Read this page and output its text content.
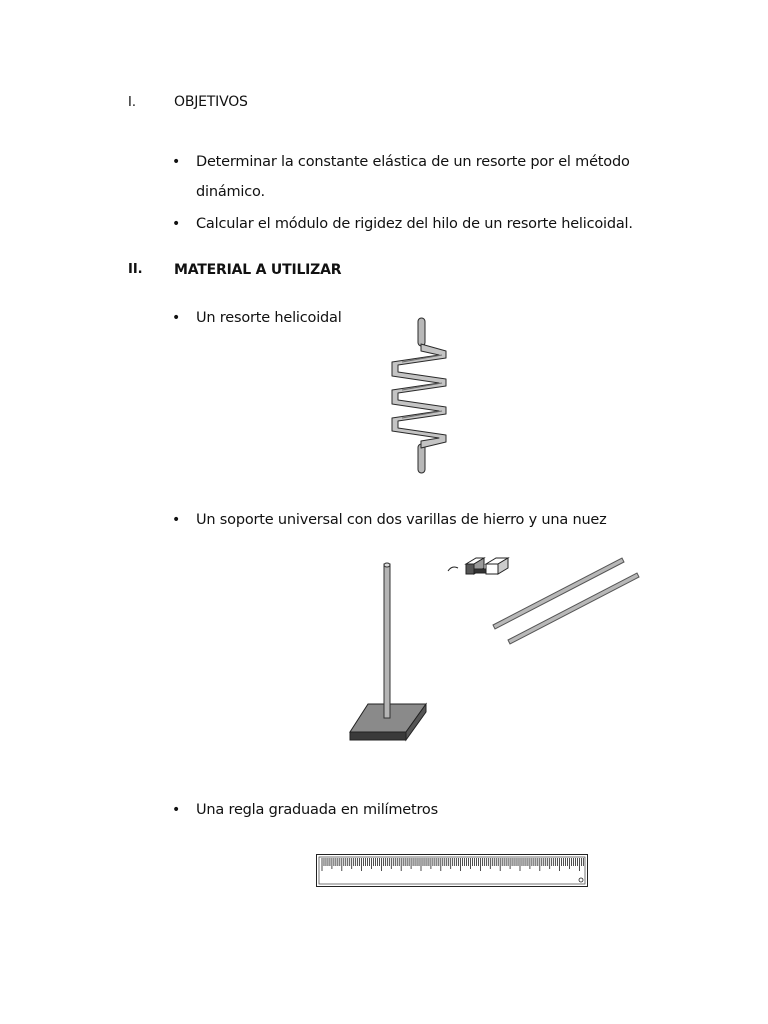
I.	OBJETIVOS
• Determinar la constante elástica de un resorte por el método
dinámico.
• Calcular el módulo de rigidez del hilo de un resorte helicoidal.
II. MATERIAL A UTILIZAR
• Un resorte helicoidal
• Un soporte universal con dos varillas de hierro y una nuez
• Una regla graduada en milímetros
